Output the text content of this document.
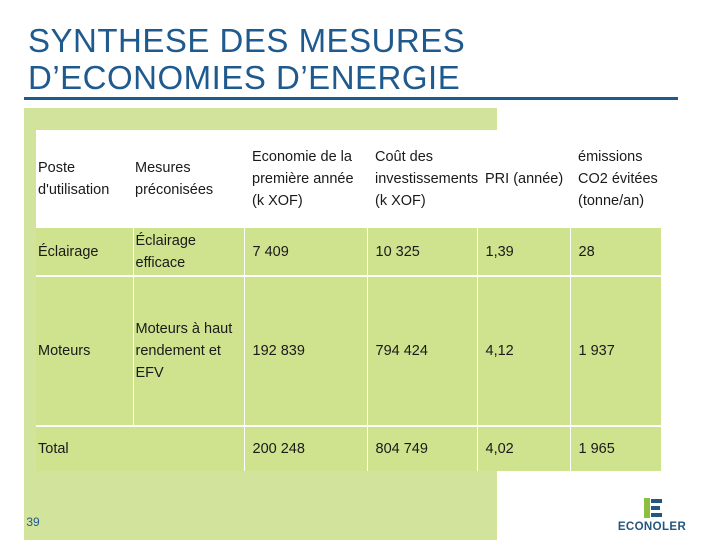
SYNTHESE DES MESURES
D’ECONOMIES D’ENERGIE
Poste d'utilisation	Mesures préconisées	Economie de la première année (k XOF)	Coût des investissements (k XOF)	PRI (année)	émissions CO2 évitées (tonne/an)
Éclairage	Éclairage efficace	7 409	10 325	1,39	28
Moteurs	Moteurs à haut rendement et EFV	192 839	794 424	4,12	1 937
Total		200 248	804 749	4,02	1 965
39	ECONOLER
